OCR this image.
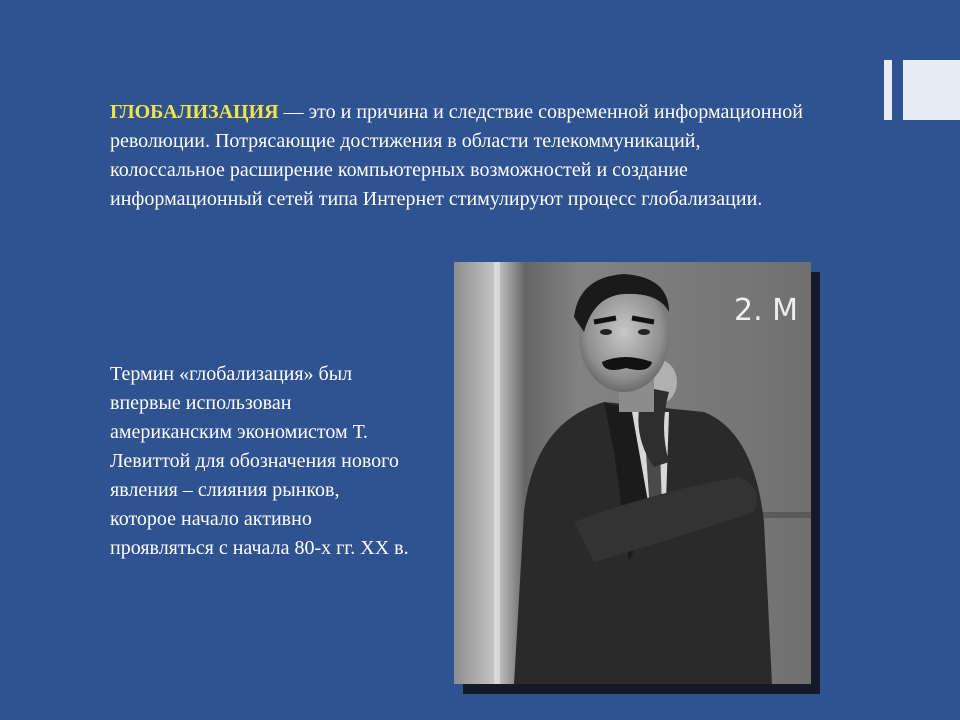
ГЛОБАЛИЗАЦИЯ — это и причина и следствие современной информационной революции. Потрясающие достижения в области телекоммуникаций, колоссальное расширение компьютерных возможностей и создание информационный сетей типа Интернет стимулируют процесс глобализации.
Термин «глобализация» был впервые использован американским экономистом Т. Левиттой для обозначения нового явления – слияния рынков, которое начало активно проявляться с начала 80-х гг. XX в.
2. M
